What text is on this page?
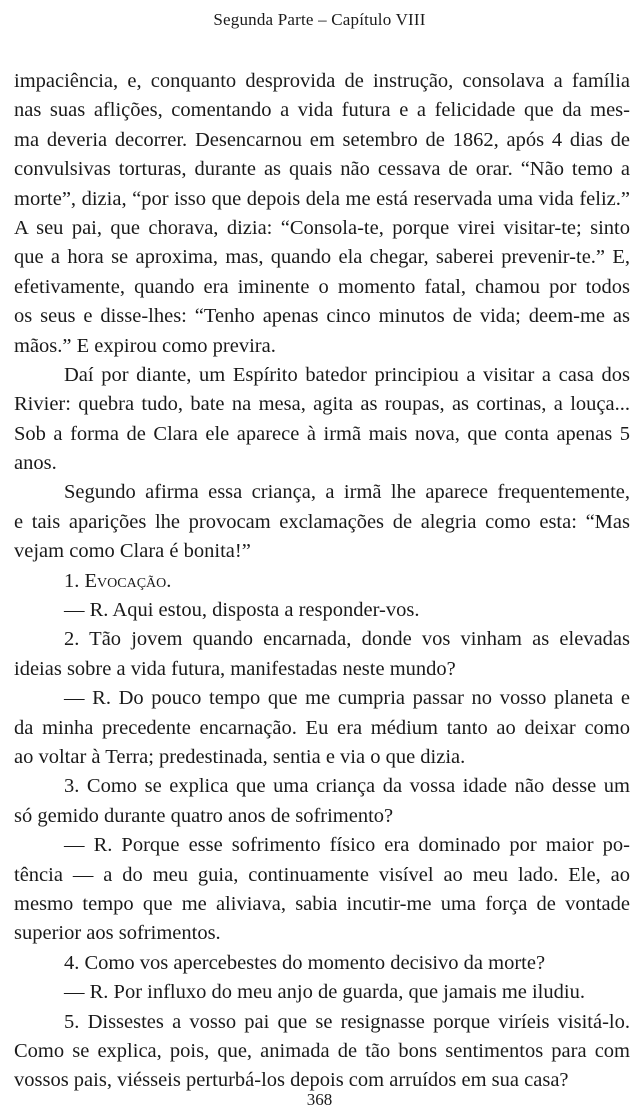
Segunda Parte – Capítulo VIII
impaciência, e, conquanto desprovida de instrução, consolava a família
nas suas aflições, comentando a vida futura e a felicidade que da mes-
ma deveria decorrer. Desencarnou em setembro de 1862, após 4 dias de
convulsivas torturas, durante as quais não cessava de orar. “Não temo a
morte”, dizia, “por isso que depois dela me está reservada uma vida feliz.”
A seu pai, que chorava, dizia: “Consola-te, porque virei visitar-te; sinto
que a hora se aproxima, mas, quando ela chegar, saberei prevenir-te.” E,
efetivamente, quando era iminente o momento fatal, chamou por todos
os seus e disse-lhes: “Tenho apenas cinco minutos de vida; deem-me as
mãos.” E expirou como previra.
Daí por diante, um Espírito batedor principiou a visitar a casa dos
Rivier: quebra tudo, bate na mesa, agita as roupas, as cortinas, a louça...
Sob a forma de Clara ele aparece à irmã mais nova, que conta apenas 5
anos.
Segundo afirma essa criança, a irmã lhe aparece frequentemente,
e tais aparições lhe provocam exclamações de alegria como esta: “Mas
vejam como Clara é bonita!”
1. Evocação.
— R. Aqui estou, disposta a responder-vos.
2. Tão jovem quando encarnada, donde vos vinham as elevadas
ideias sobre a vida futura, manifestadas neste mundo?
— R. Do pouco tempo que me cumpria passar no vosso planeta e
da minha precedente encarnação. Eu era médium tanto ao deixar como
ao voltar à Terra; predestinada, sentia e via o que dizia.
3. Como se explica que uma criança da vossa idade não desse um
só gemido durante quatro anos de sofrimento?
— R. Porque esse sofrimento físico era dominado por maior po-
tência — a do meu guia, continuamente visível ao meu lado. Ele, ao
mesmo tempo que me aliviava, sabia incutir-me uma força de vontade
superior aos sofrimentos.
4. Como vos apercebestes do momento decisivo da morte?
— R. Por influxo do meu anjo de guarda, que jamais me iludiu.
5. Dissestes a vosso pai que se resignasse porque viríeis visitá-lo.
Como se explica, pois, que, animada de tão bons sentimentos para com
vossos pais, viésseis perturbá-los depois com arruídos em sua casa?
368
